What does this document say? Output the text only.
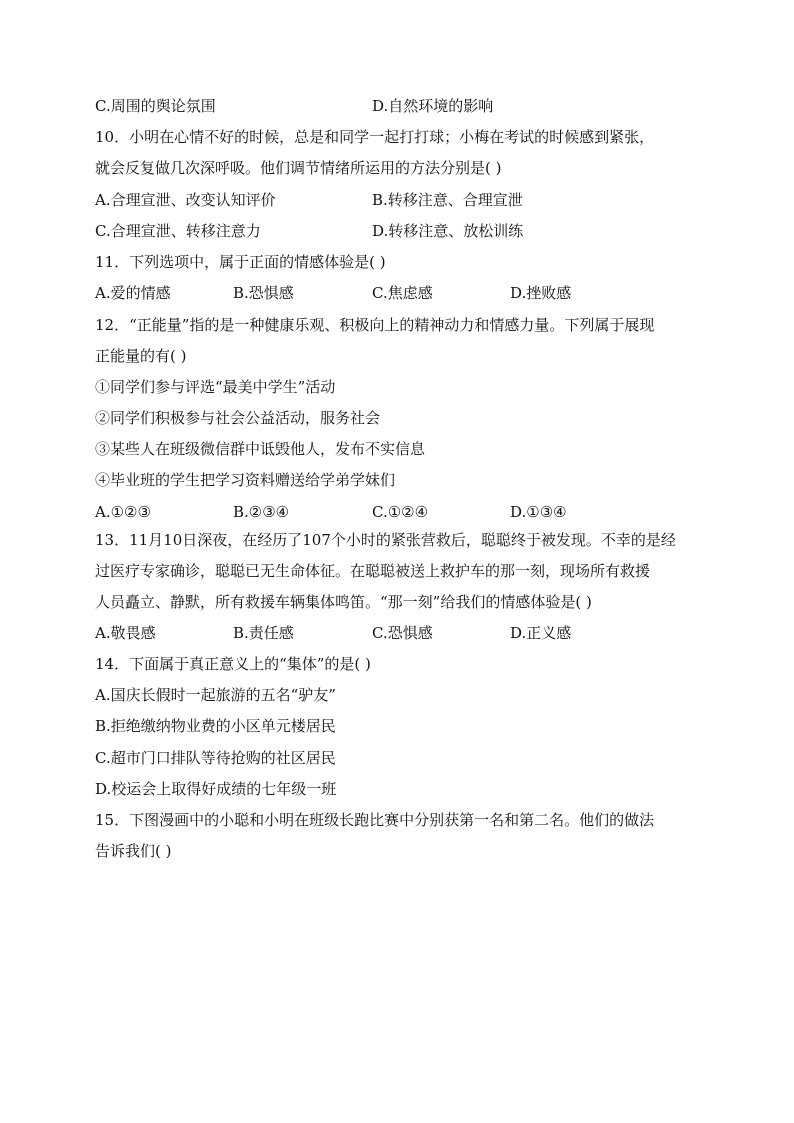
C.周围的舆论氛围	D.自然环境的影响
10．小明在心情不好的时候，总是和同学一起打打球；小梅在考试的时候感到紧张，
就会反复做几次深呼吸。他们调节情绪所运用的方法分别是( )
A.合理宣泄、改变认知评价	B.转移注意、合理宣泄
C.合理宣泄、转移注意力	D.转移注意、放松训练
11．下列选项中，属于正面的情感体验是( )
A.爱的情感	B.恐惧感	C.焦虑感	D.挫败感
12．“正能量”指的是一种健康乐观、积极向上的精神动力和情感力量。下列属于展现
正能量的有( )
①同学们参与评选“最美中学生”活动
②同学们积极参与社会公益活动，服务社会
③某些人在班级微信群中诋毁他人，发布不实信息
④毕业班的学生把学习资料赠送给学弟学妹们
A.①②③	B.②③④	C.①②④	D.①③④
13．11月10日深夜，在经历了107个小时的紧张营救后，聪聪终于被发现。不幸的是经
过医疗专家确诊，聪聪已无生命体征。在聪聪被送上救护车的那一刻，现场所有救援
人员矗立、静默，所有救援车辆集体鸣笛。“那一刻”给我们的情感体验是( )
A.敬畏感	B.责任感	C.恐惧感	D.正义感
14．下面属于真正意义上的“集体”的是( )
A.国庆长假时一起旅游的五名“驴友”
B.拒绝缴纳物业费的小区单元楼居民
C.超市门口排队等待抢购的社区居民
D.校运会上取得好成绩的七年级一班
15．下图漫画中的小聪和小明在班级长跑比赛中分别获第一名和第二名。他们的做法
告诉我们( )
